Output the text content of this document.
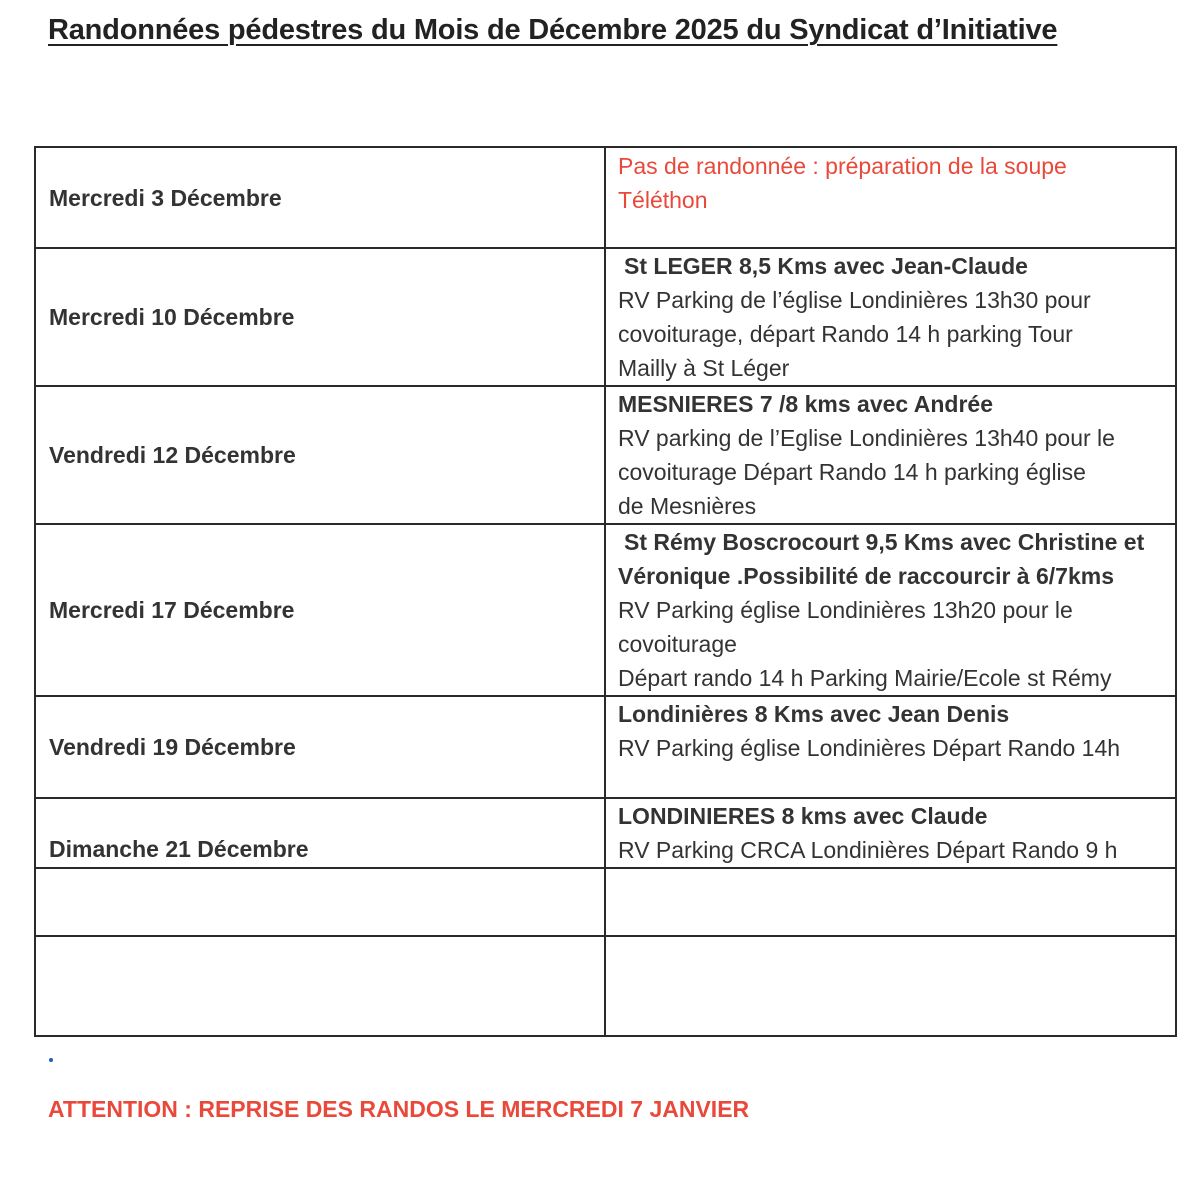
Randonnées pédestres du Mois de Décembre 2025 du Syndicat d’Initiative
Mercredi 3 Décembre	Pas de randonnée : préparation de la soupe
Téléthon

Mercredi 10 Décembre	St LEGER 8,5 Kms avec Jean-Claude
RV Parking de l’église Londinières 13h30 pour
covoiturage, départ Rando 14 h parking Tour
Mailly à St Léger

Vendredi 12 Décembre	MESNIERES 7 /8 kms avec Andrée
RV parking de l’Eglise Londinières 13h40 pour le
covoiturage Départ Rando 14 h parking église
de Mesnières

Mercredi 17 Décembre	St Rémy Boscrocourt 9,5 Kms avec Christine et
Véronique .Possibilité de raccourcir à 6/7kms
RV Parking église Londinières 13h20 pour le
covoiturage
Départ rando 14 h Parking Mairie/Ecole st Rémy

Vendredi 19 Décembre	Londinières 8 Kms avec Jean Denis
RV Parking église Londinières Départ Rando 14h

Dimanche 21 Décembre	LONDINIERES 8 kms avec Claude
RV Parking CRCA Londinières Départ Rando 9 h

ATTENTION : REPRISE DES RANDOS LE MERCREDI 7 JANVIER
